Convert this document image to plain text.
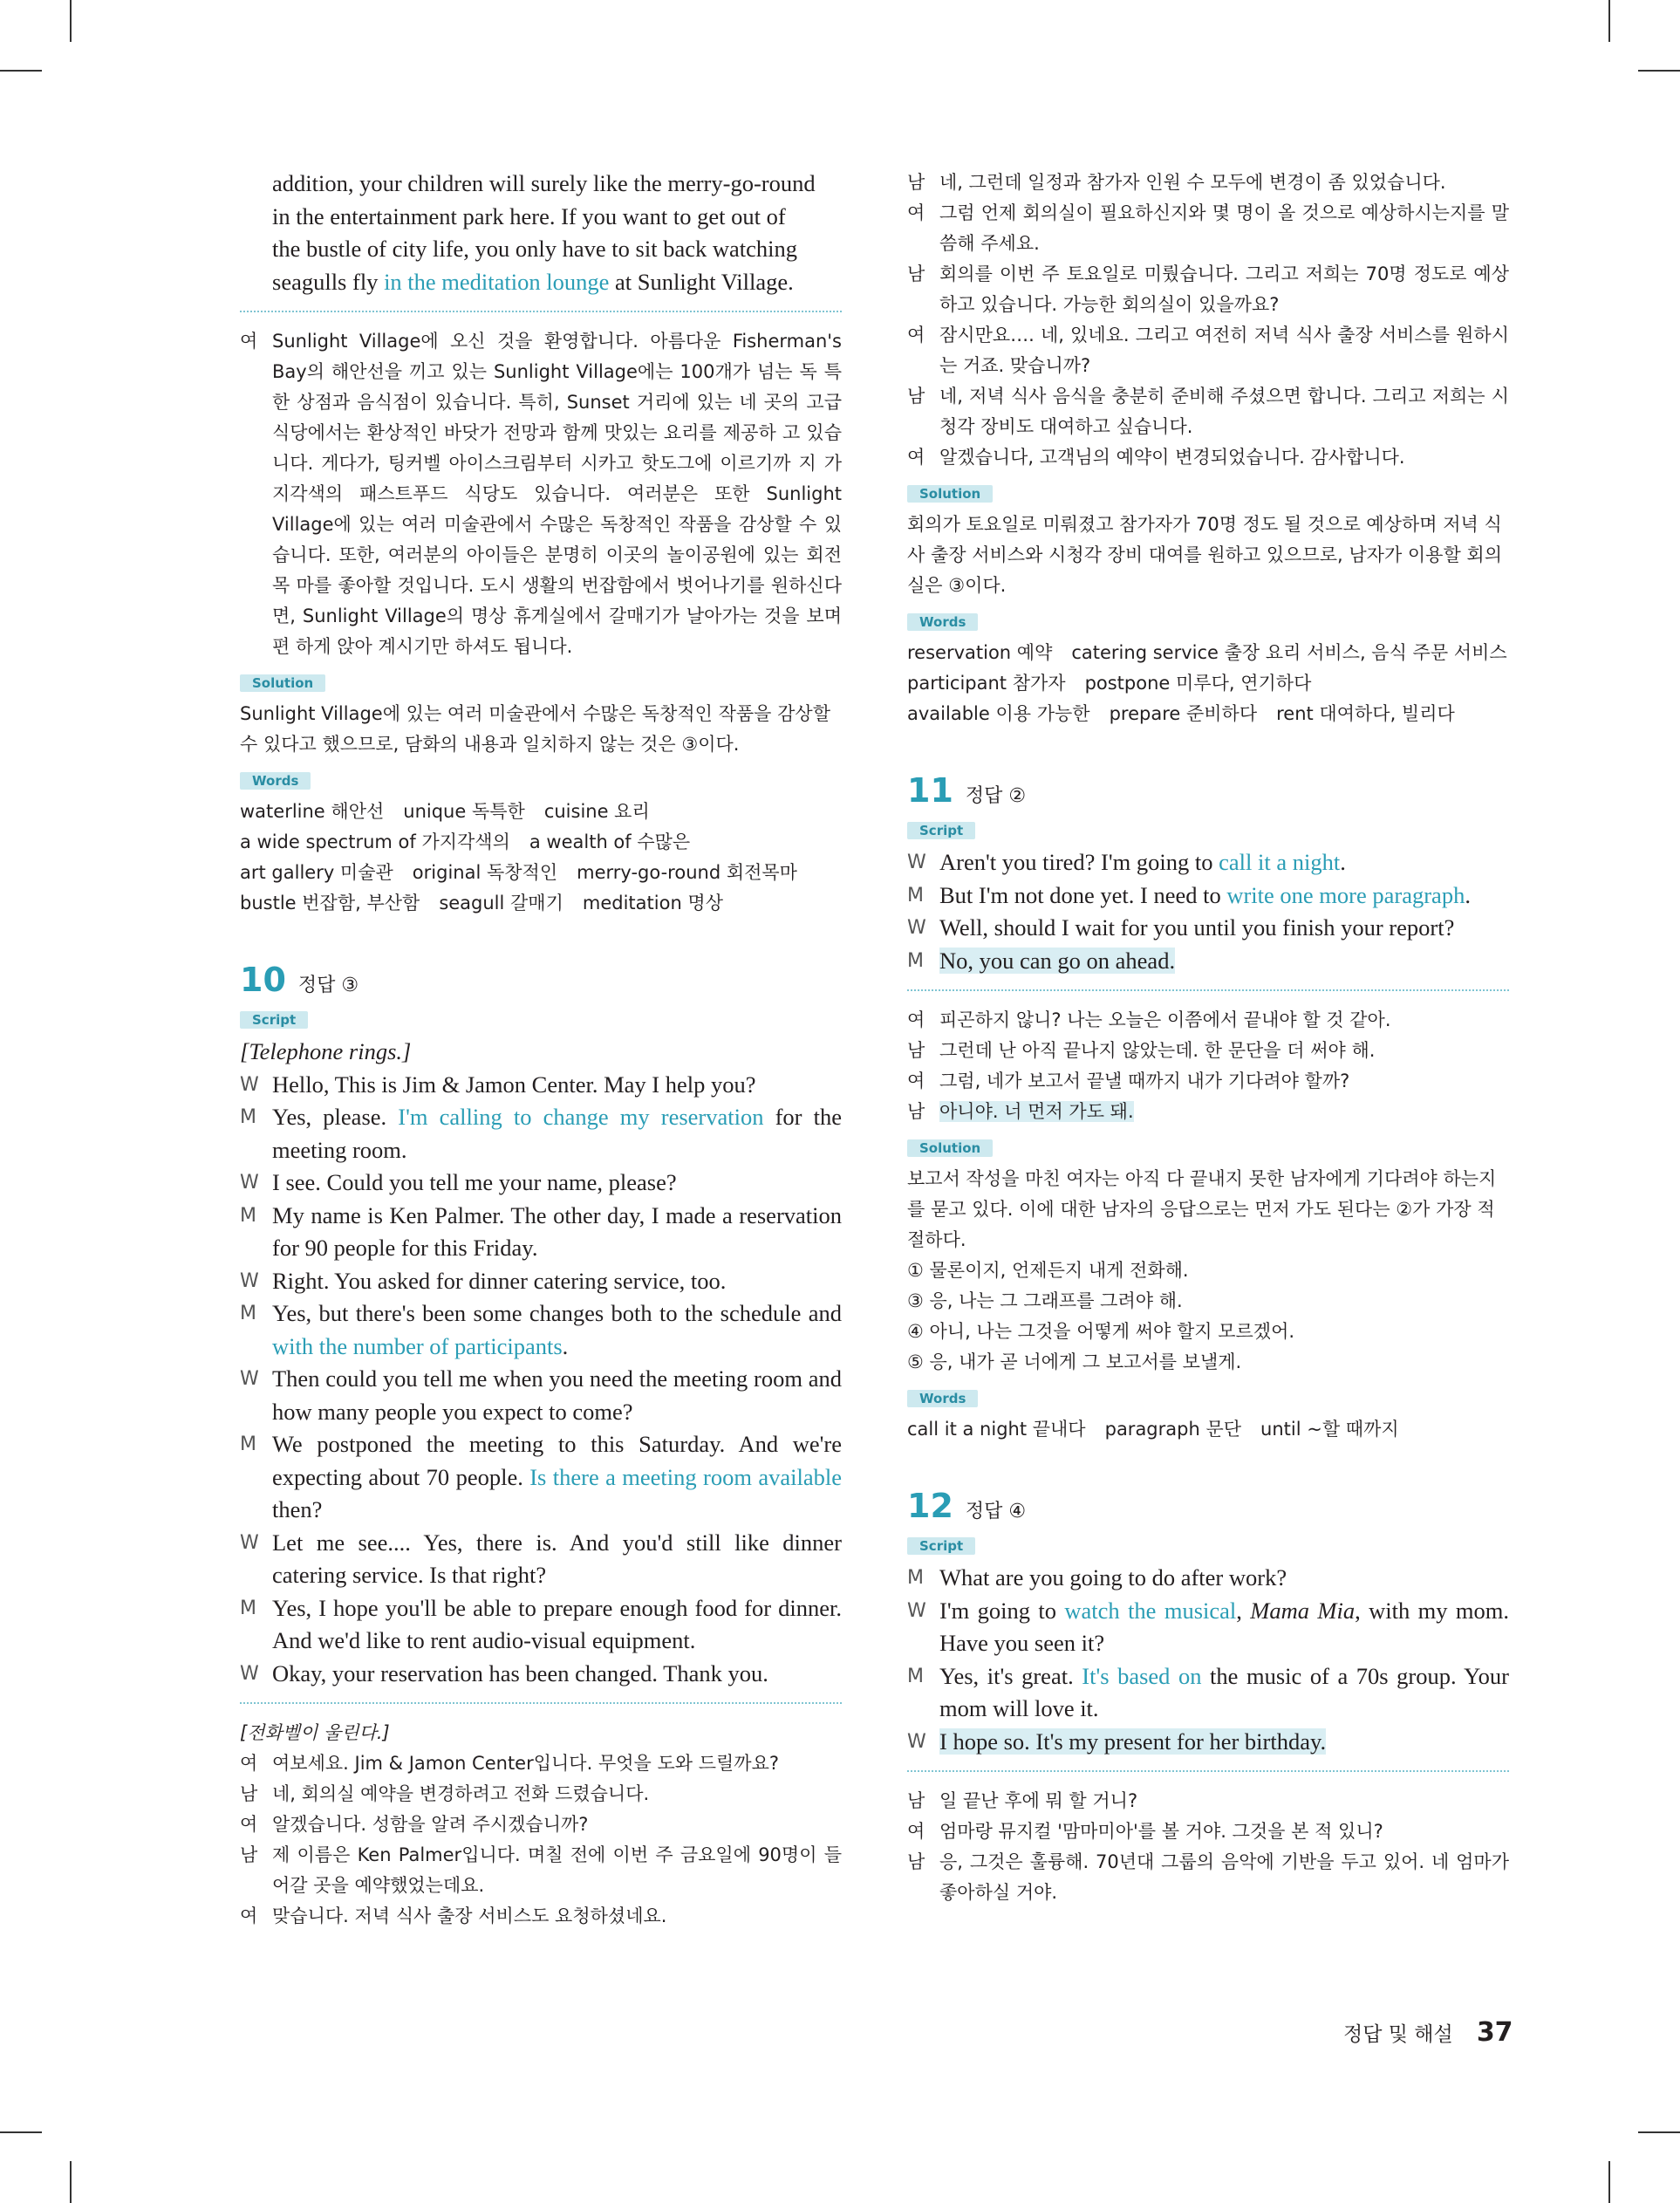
addition, your children will surely like the merry-go-round

in the entertainment park here. If you want to get out of

the bustle of city life, you only have to sit back watching

seagulls fly in the meditation lounge at Sunlight Village.

여 Sunlight Village에 오신 것을 환영합니다. 아름다운 Fisherman's Bay의 해안선을 끼고 있는 Sunlight Village에는 100개가 넘는 독 특한 상점과 음식점이 있습니다. 특히, Sunset 거리에 있는 네 곳의 고급 식당에서는 환상적인 바닷가 전망과 함께 맛있는 요리를 제공하 고 있습니다. 게다가, 팅커벨 아이스크림부터 시카고 핫도그에 이르기까 지 가지각색의 패스트푸드 식당도 있습니다. 여러분은 또한 Sunlight Village에 있는 여러 미술관에서 수많은 독창적인 작품을 감상할 수 있 습니다. 또한, 여러분의 아이들은 분명히 이곳의 놀이공원에 있는 회전목 마를 좋아할 것입니다. 도시 생활의 번잡함에서 벗어나기를 원하신다면, Sunlight Village의 명상 휴게실에서 갈매기가 날아가는 것을 보며 편 하게 앉아 계시기만 하셔도 됩니다.

Solution

Sunlight Village에 있는 여러 미술관에서 수많은 독창적인 작품을 감상할

수 있다고 했으므로, 담화의 내용과 일치하지 않는 것은 ③이다.

Words

waterline 해안선 unique 독특한 cuisine 요리

a wide spectrum of 가지각색의 a wealth of 수많은

art gallery 미술관 original 독창적인 merry-go-round 회전목마

bustle 번잡함, 부산함 seagull 갈매기 meditation 명상

10 정답 ③
Script

[Telephone rings.]

W Hello, This is Jim & Jamon Center. May I help you?

M Yes, please. I'm calling to change my reservation for the meeting room.

W I see. Could you tell me your name, please?

M My name is Ken Palmer. The other day, I made a reservation for 90 people for this Friday.

W Right. You asked for dinner catering service, too.

M Yes, but there's been some changes both to the schedule and with the number of participants.

W Then could you tell me when you need the meeting room and how many people you expect to come?

M We postponed the meeting to this Saturday. And we're expecting about 70 people. Is there a meeting room available then?

W Let me see.... Yes, there is. And you'd still like dinner catering service. Is that right?

M Yes, I hope you'll be able to prepare enough food for dinner. And we'd like to rent audio-visual equipment.

W Okay, your reservation has been changed. Thank you.

[전화벨이 울린다.]

여 여보세요. Jim & Jamon Center입니다. 무엇을 도와 드릴까요?

남 네, 회의실 예약을 변경하려고 전화 드렸습니다.

여 알겠습니다. 성함을 알려 주시겠습니까?

남 제 이름은 Ken Palmer입니다. 며칠 전에 이번 주 금요일에 90명이 들어갈 곳을 예약했었는데요.

여 맞습니다. 저녁 식사 출장 서비스도 요청하셨네요.

남 네, 그런데 일정과 참가자 인원 수 모두에 변경이 좀 있었습니다.

여 그럼 언제 회의실이 필요하신지와 몇 명이 올 것으로 예상하시는지를 말씀해 주세요.

남 회의를 이번 주 토요일로 미뤘습니다. 그리고 저희는 70명 정도로 예상하고 있습니다. 가능한 회의실이 있을까요?

여 잠시만요…. 네, 있네요. 그리고 여전히 저녁 식사 출장 서비스를 원하시는 거죠. 맞습니까?

남 네, 저녁 식사 음식을 충분히 준비해 주셨으면 합니다. 그리고 저희는 시청각 장비도 대여하고 싶습니다.

여 알겠습니다, 고객님의 예약이 변경되었습니다. 감사합니다.

Solution

회의가 토요일로 미뤄졌고 참가자가 70명 정도 될 것으로 예상하며 저녁 식

사 출장 서비스와 시청각 장비 대여를 원하고 있으므로, 남자가 이용할 회의

실은 ③이다.

Words

reservation 예약 catering service 출장 요리 서비스, 음식 주문 서비스

participant 참가자 postpone 미루다, 연기하다

available 이용 가능한 prepare 준비하다 rent 대여하다, 빌리다

11 정답 ②
Script

W Aren't you tired? I'm going to call it a night.

M But I'm not done yet. I need to write one more paragraph.

W Well, should I wait for you until you finish your report?

M No, you can go on ahead.

여 피곤하지 않니? 나는 오늘은 이쯤에서 끝내야 할 것 같아.

남 그런데 난 아직 끝나지 않았는데. 한 문단을 더 써야 해.

여 그럼, 네가 보고서 끝낼 때까지 내가 기다려야 할까?

남 아니야. 너 먼저 가도 돼.

Solution

보고서 작성을 마친 여자는 아직 다 끝내지 못한 남자에게 기다려야 하는지

를 묻고 있다. 이에 대한 남자의 응답으로는 먼저 가도 된다는 ②가 가장 적

절하다.

① 물론이지, 언제든지 내게 전화해.

③ 응, 나는 그 그래프를 그려야 해.

④ 아니, 나는 그것을 어떻게 써야 할지 모르겠어.

⑤ 응, 내가 곧 너에게 그 보고서를 보낼게.

Words

call it a night 끝내다 paragraph 문단 until ~할 때까지

12 정답 ④
Script

M What are you going to do after work?

W I'm going to watch the musical, Mama Mia, with my mom. Have you seen it?

M Yes, it's great. It's based on the music of a 70s group. Your mom will love it.

W I hope so. It's my present for her birthday.

남 일 끝난 후에 뭐 할 거니?

여 엄마랑 뮤지컬 '맘마미아'를 볼 거야. 그것을 본 적 있니?

남 응, 그것은 훌륭해. 70년대 그룹의 음악에 기반을 두고 있어. 네 엄마가 좋아하실 거야.

정답 및 해설 37
